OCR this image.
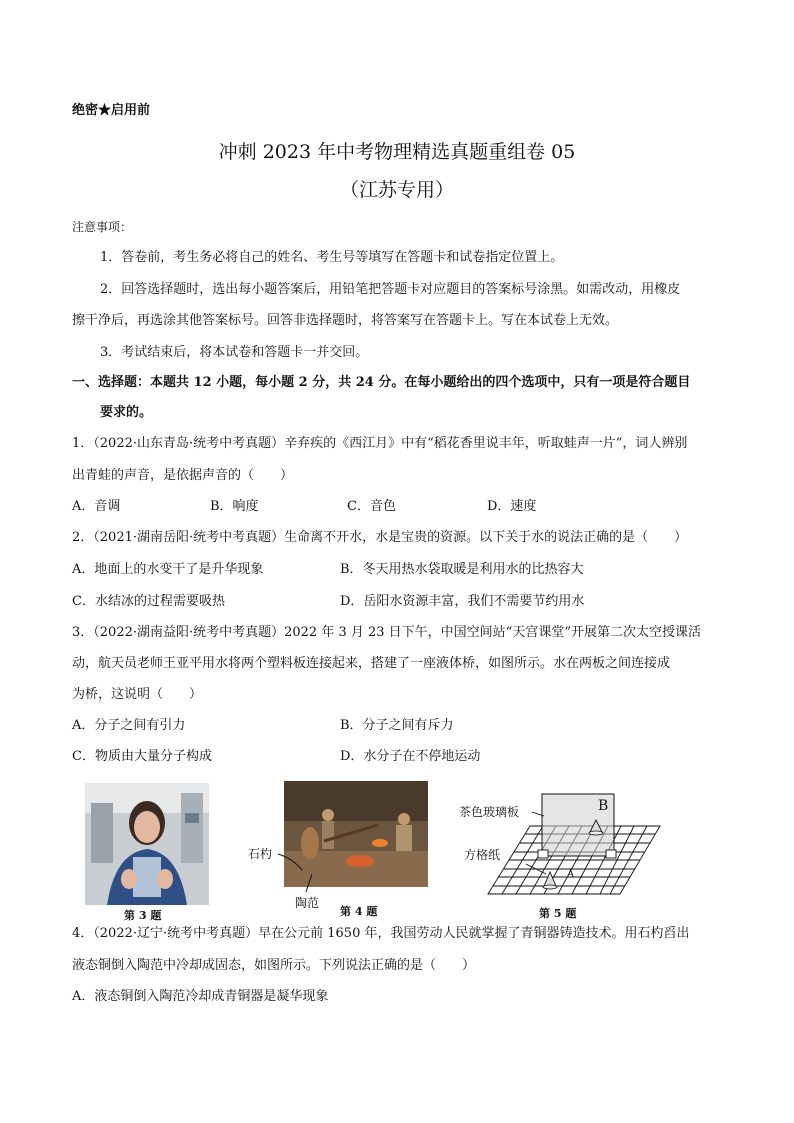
绝密★启用前
冲刺 2023 年中考物理精选真题重组卷 05
（江苏专用）
注意事项：
1．答卷前，考生务必将自己的姓名、考生号等填写在答题卡和试卷指定位置上。
2．回答选择题时，选出每小题答案后，用铅笔把答题卡对应题目的答案标号涂黑。如需改动，用橡皮
擦干净后，再选涂其他答案标号。回答非选择题时，将答案写在答题卡上。写在本试卷上无效。
3．考试结束后，将本试卷和答题卡一并交回。
一、选择题：本题共 12 小题，每小题 2 分，共 24 分。在每小题给出的四个选项中，只有一项是符合题目
要求的。
1．（2022·山东青岛·统考中考真题）辛弃疾的《西江月》中有“稻花香里说丰年，听取蛙声一片”，词人辨别
出青蛙的声音，是依据声音的（　　）
A．音调	B．响度	C．音色	D．速度
2．（2021·湖南岳阳·统考中考真题）生命离不开水，水是宝贵的资源。以下关于水的说法正确的是（　　）
A．地面上的水变干了是升华现象	B．冬天用热水袋取暖是利用水的比热容大
C．水结冰的过程需要吸热	D．岳阳水资源丰富，我们不需要节约用水
3．（2022·湖南益阳·统考中考真题）2022 年 3 月 23 日下午，中国空间站“天宫课堂”开展第二次太空授课活
动，航天员老师王亚平用水将两个塑料板连接起来，搭建了一座液体桥，如图所示。水在两板之间连接成
为桥，这说明（　　）
A．分子之间有引力	B．分子之间有斥力
C．物质由大量分子构成	D．水分子在不停地运动
第 3 题
石杓
陶范
第 4 题
茶色玻璃板
方格纸
B
A
第 5 题
4．（2022·辽宁·统考中考真题）早在公元前 1650 年，我国劳动人民就掌握了青铜器铸造技术。用石杓舀出
液态铜倒入陶范中冷却成固态，如图所示。下列说法正确的是（　　）
A．液态铜倒入陶范冷却成青铜器是凝华现象
